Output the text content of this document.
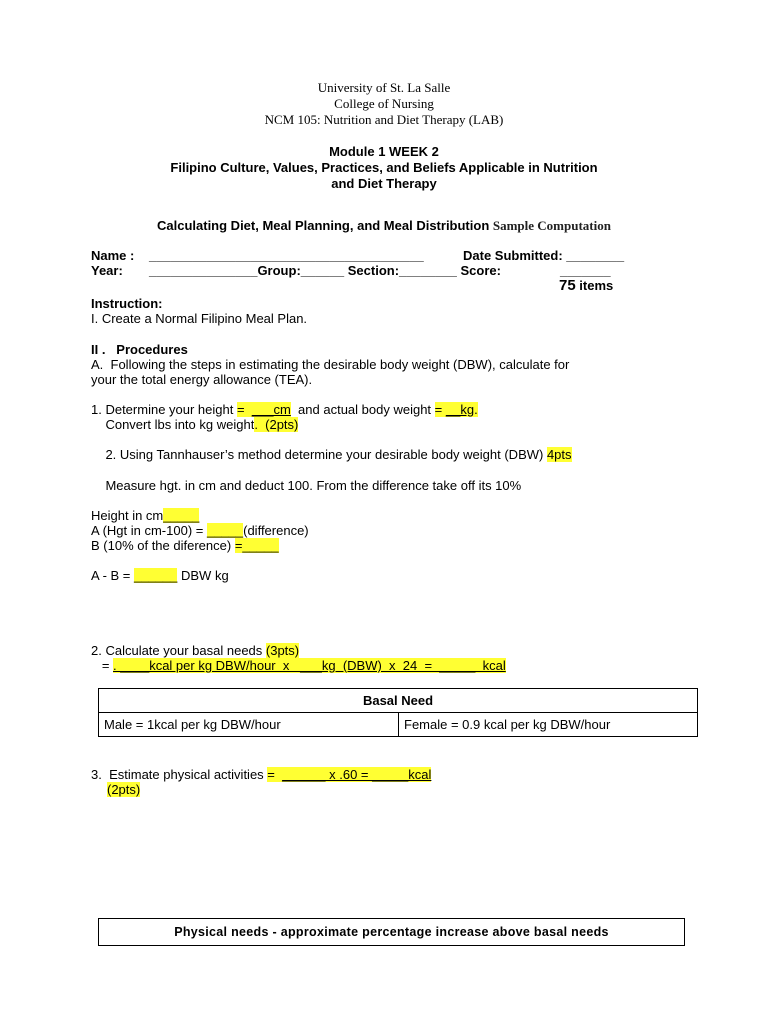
University of St. La Salle
College of Nursing
NCM 105: Nutrition and Diet Therapy (LAB)
Module 1 WEEK 2
Filipino Culture, Values, Practices, and Beliefs Applicable in Nutrition
and Diet Therapy
Calculating Diet, Meal Planning, and Meal Distribution Sample Computation
Name : ______________________________________	Date Submitted: ________
Year: _______________Group:______ Section:________ Score:	_______
75 items
Instruction:
I. Create a Normal Filipino Meal Plan.
II .   Procedures
A.  Following the steps in estimating the desirable body weight (DBW), calculate for
your the total energy allowance (TEA).
1. Determine your height =  ___cm  and actual body weight = __kg.
Convert lbs into kg weight.  (2pts)
2. Using Tannhauser’s method determine your desirable body weight (DBW) 4pts
Measure hgt. in cm and deduct 100. From the difference take off its 10%
Height in cm_____
A (Hgt in cm-100) = _____(difference)
B (10% of the diference) =_____
A - B = ______ DBW kg
2. Calculate your basal needs (3pts)
= . ____kcal per kg DBW/hour  x   ___kg  (DBW)  x  24  =  _____  kcal
Basal Need
Male = 1kcal per kg DBW/hour	Female = 0.9 kcal per kg DBW/hour
3.  Estimate physical activities =  ______ x .60 = _____kcal
(2pts)
Physical needs - approximate percentage increase above basal needs
